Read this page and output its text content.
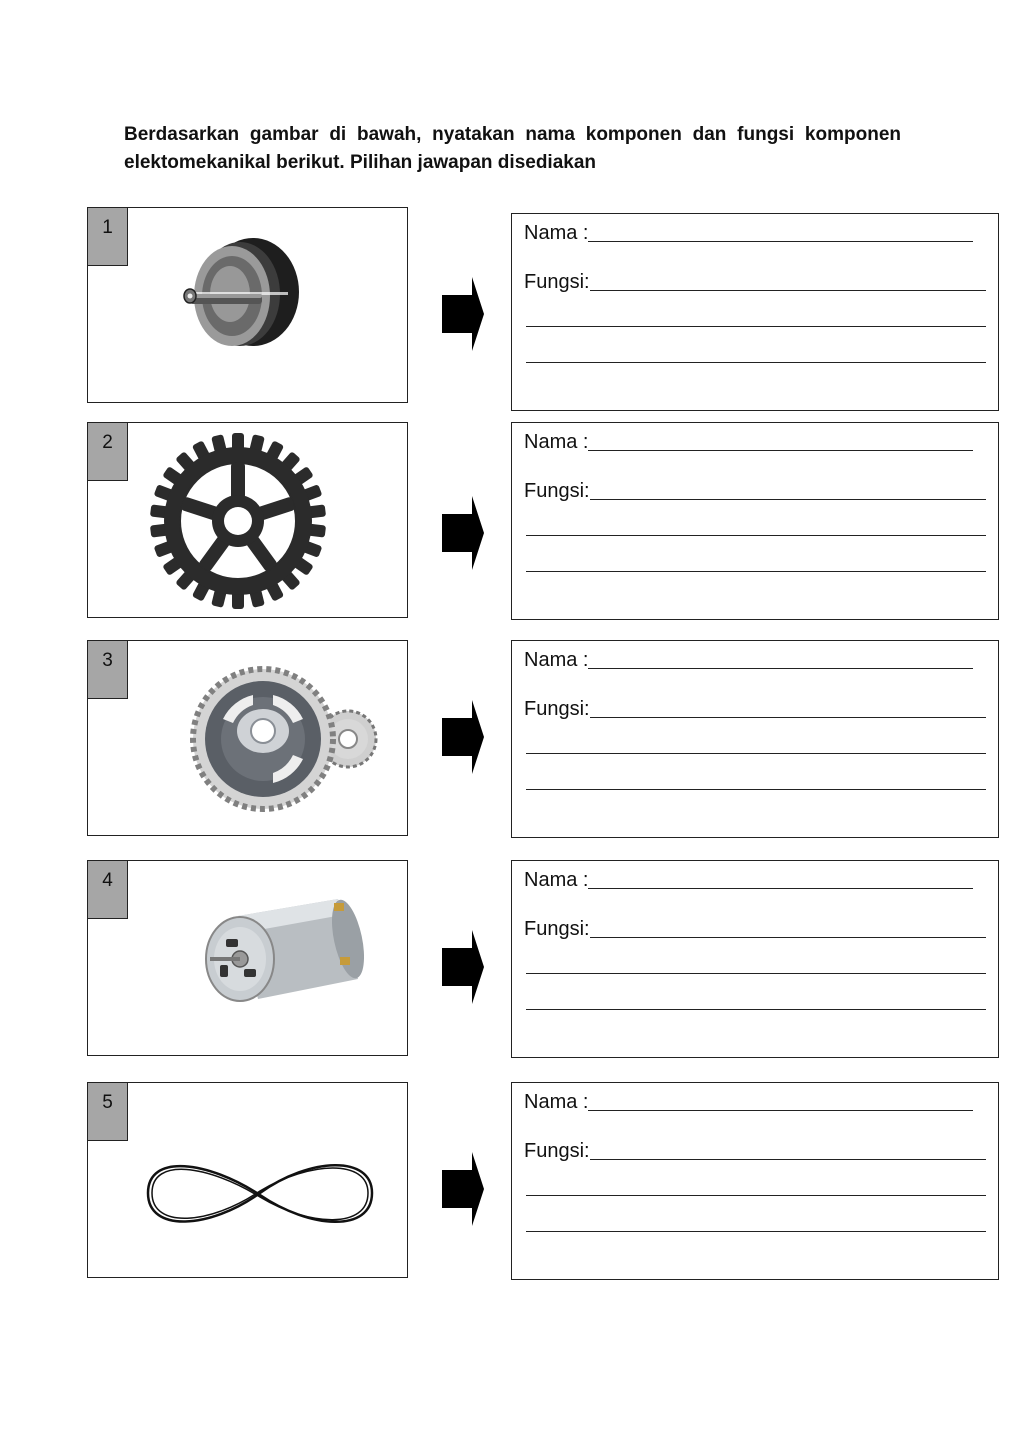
Berdasarkan gambar di bawah, nyatakan nama komponen dan fungsi komponen elektomekanikal berikut. Pilihan jawapan disediakan
1	Nama :
Fungsi:
2	Nama :
Fungsi:
3	Nama :
Fungsi:
4	Nama :
Fungsi:
5	Nama :
Fungsi:
